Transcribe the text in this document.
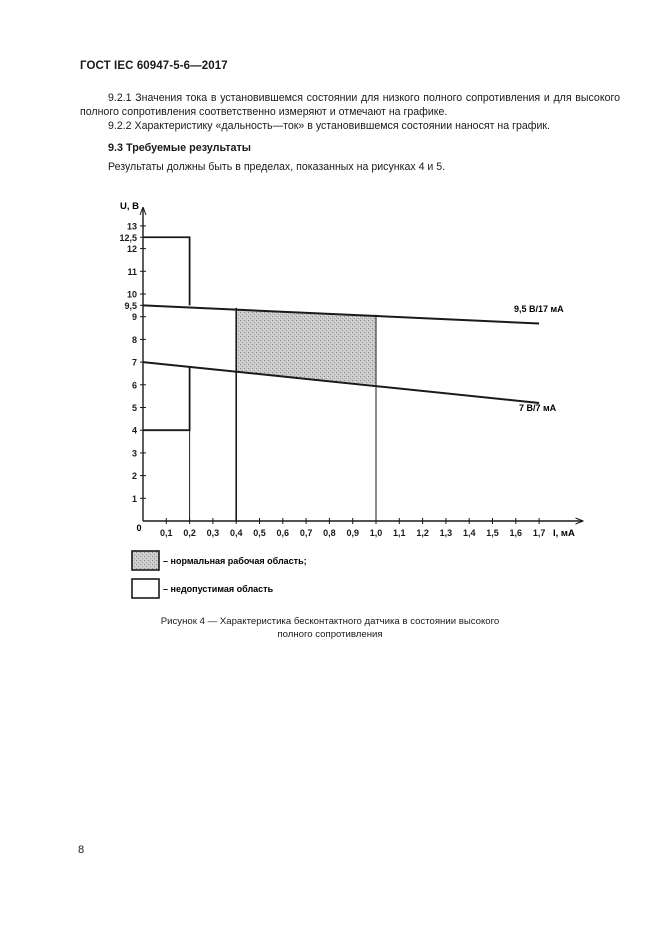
ГОСТ IEC 60947-5-6—2017
9.2.1 Значения тока в установившемся состоянии для низкого полного сопротивления и для высокого полного сопротивления соответственно измеряют и отмечают на графике.
9.2.2 Характеристику «дальность—ток» в установившемся состоянии наносят на график.
9.3 Требуемые результаты
Результаты должны быть в пределах, показанных на рисунках 4 и 5.
0,1 0,2 0,3 0,4 0,5 0,6 0,7 0,8 0,9 1,0 1,1 1,2 1,3 1,4 1,5 1,6 1,7
1
2
3
4
5
6
7
8
9
9,5
10
11
12
12,5
13
U, В
I, мА
0
9,5 В/17 мА
7 В/7 мА
– нормальная рабочая область;
– недопустимая область
Рисунок 4 — Характеристика бесконтактного датчика в состоянии высокого
полного сопротивления
8
